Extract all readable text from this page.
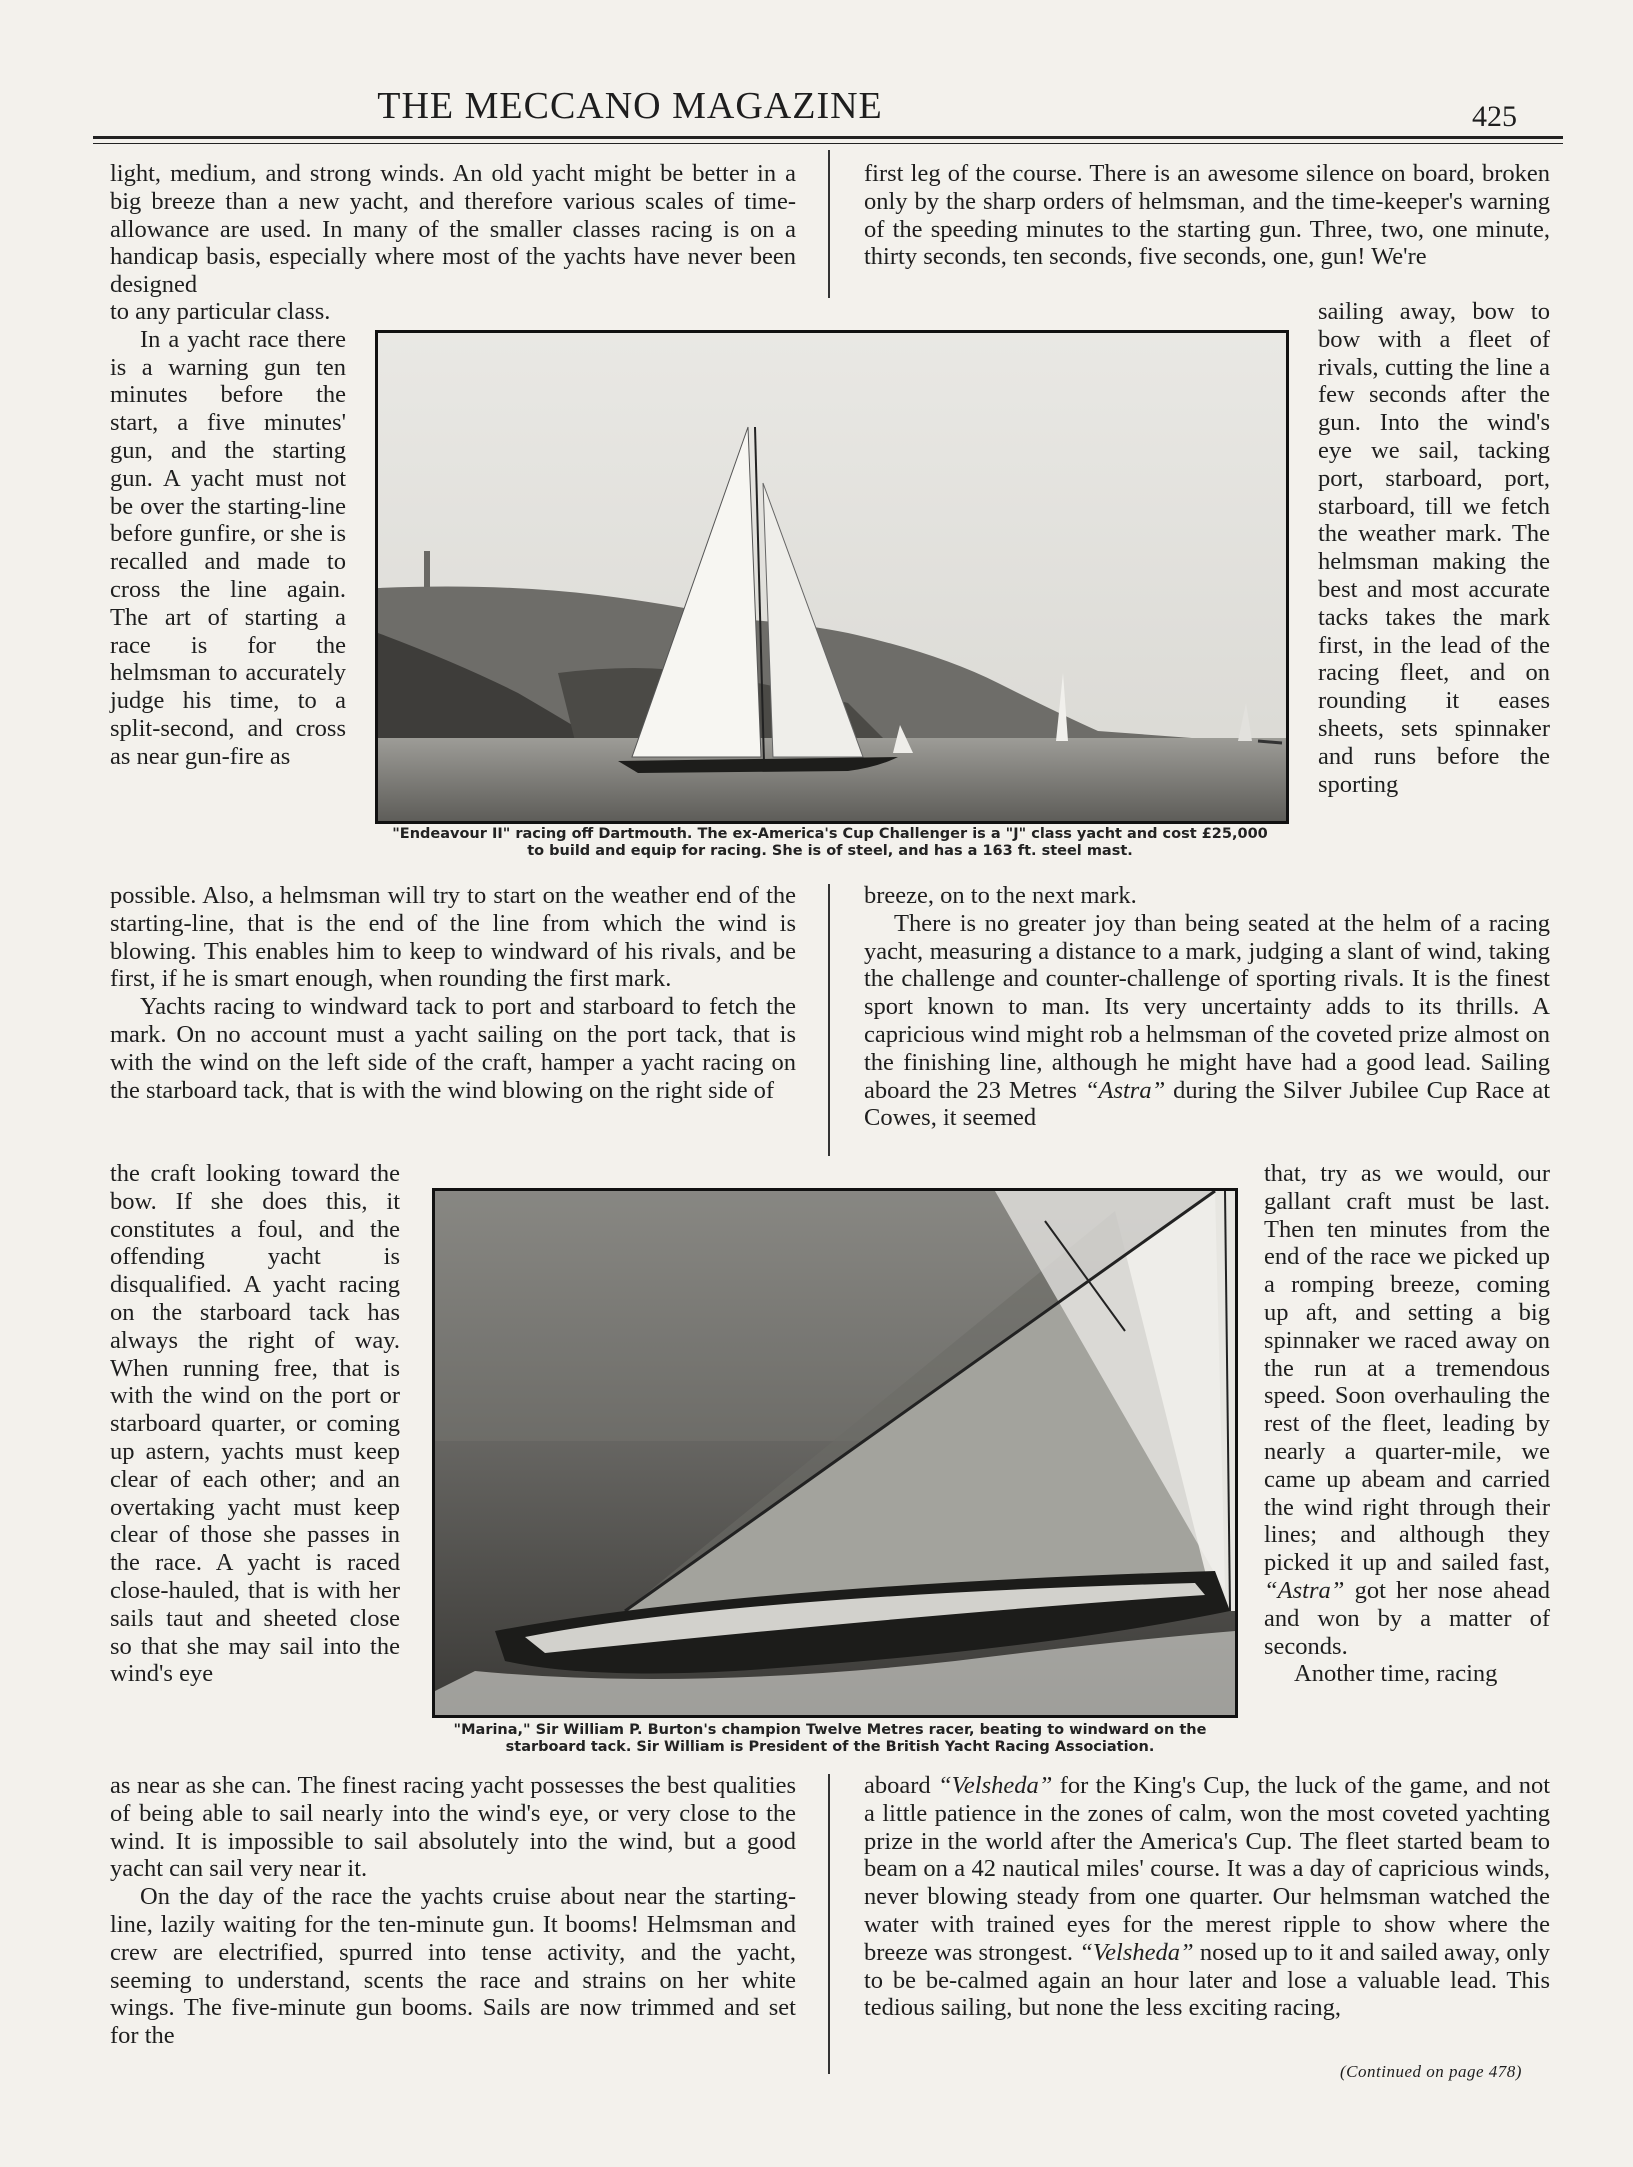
THE MECCANO MAGAZINE	425

light, medium, and strong winds. An old yacht might be better in a big breeze than a new yacht, and therefore various scales of time-allowance are used. In many of the smaller classes racing is on a handicap basis, especially where most of the yachts have never been designed

to any particular class.

In a yacht race there is a warning gun ten minutes before the start, a five minutes' gun, and the starting gun. A yacht must not be over the starting-line before gunfire, or she is recalled and made to cross the line again. The art of starting a race is for the helmsman to accurately judge his time, to a split-second, and cross as near gun-fire as

possible. Also, a helmsman will try to start on the weather end of the starting-line, that is the end of the line from which the wind is blowing. This enables him to keep to windward of his rivals, and be first, if he is smart enough, when rounding the first mark.

Yachts racing to windward tack to port and starboard to fetch the mark. On no account must a yacht sailing on the port tack, that is with the wind on the left side of the craft, hamper a yacht racing on the starboard tack, that is with the wind blowing on the right side of

the craft looking toward the bow. If she does this, it constitutes a foul, and the offending yacht is disqualified. A yacht racing on the starboard tack has always the right of way. When running free, that is with the wind on the port or starboard quarter, or coming up astern, yachts must keep clear of each other; and an overtaking yacht must keep clear of those she passes in the race. A yacht is raced close-hauled, that is with her sails taut and sheeted close so that she may sail into the wind's eye

as near as she can. The finest racing yacht possesses the best qualities of being able to sail nearly into the wind's eye, or very close to the wind. It is impossible to sail absolutely into the wind, but a good yacht can sail very near it.

On the day of the race the yachts cruise about near the starting-line, lazily waiting for the ten-minute gun. It booms! Helmsman and crew are electrified, spurred into tense activity, and the yacht, seeming to understand, scents the race and strains on her white wings. The five-minute gun booms. Sails are now trimmed and set for the

first leg of the course. There is an awesome silence on board, broken only by the sharp orders of helmsman, and the time-keeper's warning of the speeding minutes to the starting gun. Three, two, one minute, thirty seconds, ten seconds, five seconds, one, gun! We're

sailing away, bow to bow with a fleet of rivals, cutting the line a few seconds after the gun. Into the wind's eye we sail, tacking port, starboard, port, starboard, till we fetch the weather mark. The helmsman making the best and most accurate tacks takes the mark first, in the lead of the racing fleet, and on rounding it eases sheets, sets spinnaker and runs before the sporting

breeze, on to the next mark.

There is no greater joy than being seated at the helm of a racing yacht, measuring a distance to a mark, judging a slant of wind, taking the challenge and counter-challenge of sporting rivals. It is the finest sport known to man. Its very uncertainty adds to its thrills. A capricious wind might rob a helmsman of the coveted prize almost on the finishing line, although he might have had a good lead. Sailing aboard the 23 Metres “Astra” during the Silver Jubilee Cup Race at Cowes, it seemed

that, try as we would, our gallant craft must be last. Then ten minutes from the end of the race we picked up a romping breeze, coming up aft, and setting a big spinnaker we raced away on the run at a tremendous speed. Soon overhauling the rest of the fleet, leading by nearly a quarter-mile, we came up abeam and carried the wind right through their lines; and although they picked it up and sailed fast, “Astra” got her nose ahead and won by a matter of seconds.

Another time, racing

aboard “Velsheda” for the King's Cup, the luck of the game, and not a little patience in the zones of calm, won the most coveted yachting prize in the world after the America's Cup. The fleet started beam to beam on a 42 nautical miles' course. It was a day of capricious winds, never blowing steady from one quarter. Our helmsman watched the water with trained eyes for the merest ripple to show where the breeze was strongest. “Velsheda” nosed up to it and sailed away, only to be be-calmed again an hour later and lose a valuable lead. This tedious sailing, but none the less exciting racing,

(Continued on page 478)
"Endeavour II" racing off Dartmouth. The ex-America's Cup Challenger is a "J" class yacht and cost £25,000
to build and equip for racing. She is of steel, and has a 163 ft. steel mast.
"Marina," Sir William P. Burton's champion Twelve Metres racer, beating to windward on the
starboard tack. Sir William is President of the British Yacht Racing Association.
